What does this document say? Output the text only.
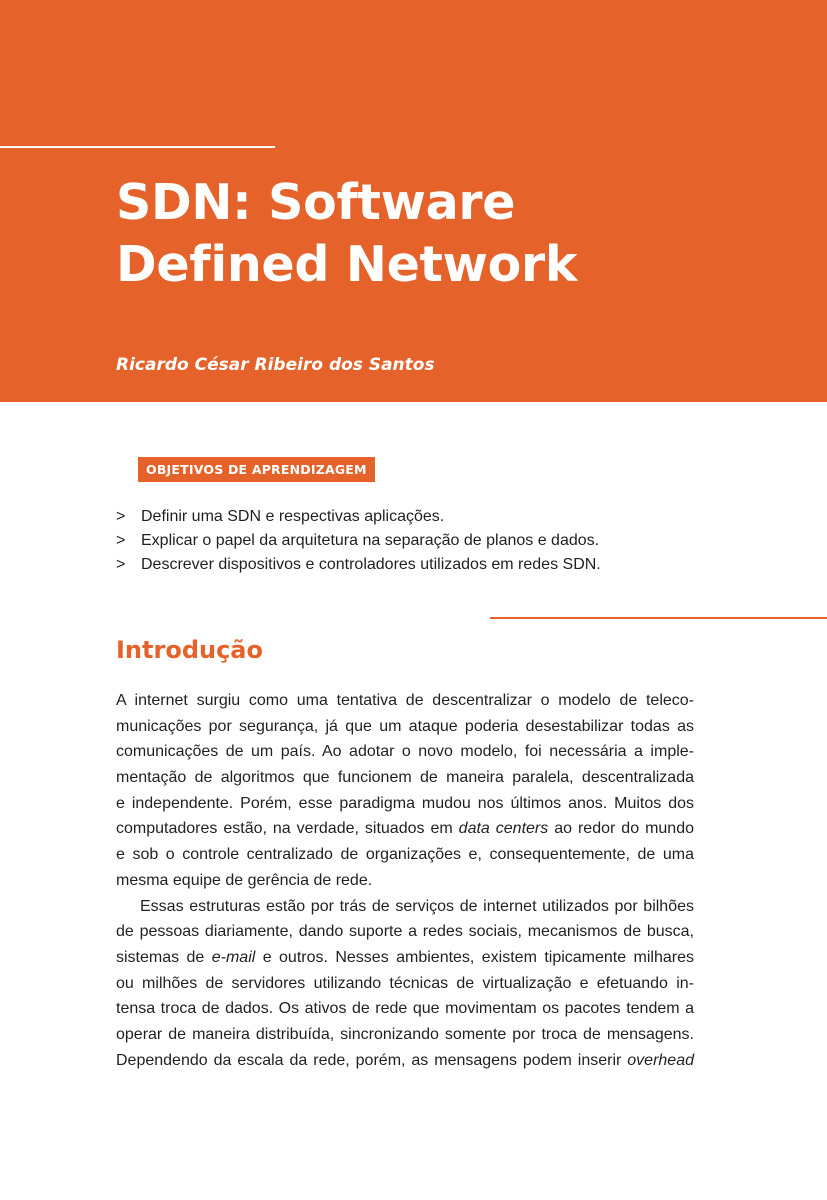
SDN: Software
Defined Network
Ricardo César Ribeiro dos Santos
OBJETIVOS DE APRENDIZAGEM
> Definir uma SDN e respectivas aplicações.
> Explicar o papel da arquitetura na separação de planos e dados.
> Descrever dispositivos e controladores utilizados em redes SDN.
Introdução
A internet surgiu como uma tentativa de descentralizar o modelo de teleco-
municações por segurança, já que um ataque poderia desestabilizar todas as
comunicações de um país. Ao adotar o novo modelo, foi necessária a imple-
mentação de algoritmos que funcionem de maneira paralela, descentralizada
e independente. Porém, esse paradigma mudou nos últimos anos. Muitos dos
computadores estão, na verdade, situados em data centers ao redor do mundo
e sob o controle centralizado de organizações e, consequentemente, de uma
mesma equipe de gerência de rede.
Essas estruturas estão por trás de serviços de internet utilizados por bilhões
de pessoas diariamente, dando suporte a redes sociais, mecanismos de busca,
sistemas de e-mail e outros. Nesses ambientes, existem tipicamente milhares
ou milhões de servidores utilizando técnicas de virtualização e efetuando in-
tensa troca de dados. Os ativos de rede que movimentam os pacotes tendem a
operar de maneira distribuída, sincronizando somente por troca de mensagens.
Dependendo da escala da rede, porém, as mensagens podem inserir overhead
